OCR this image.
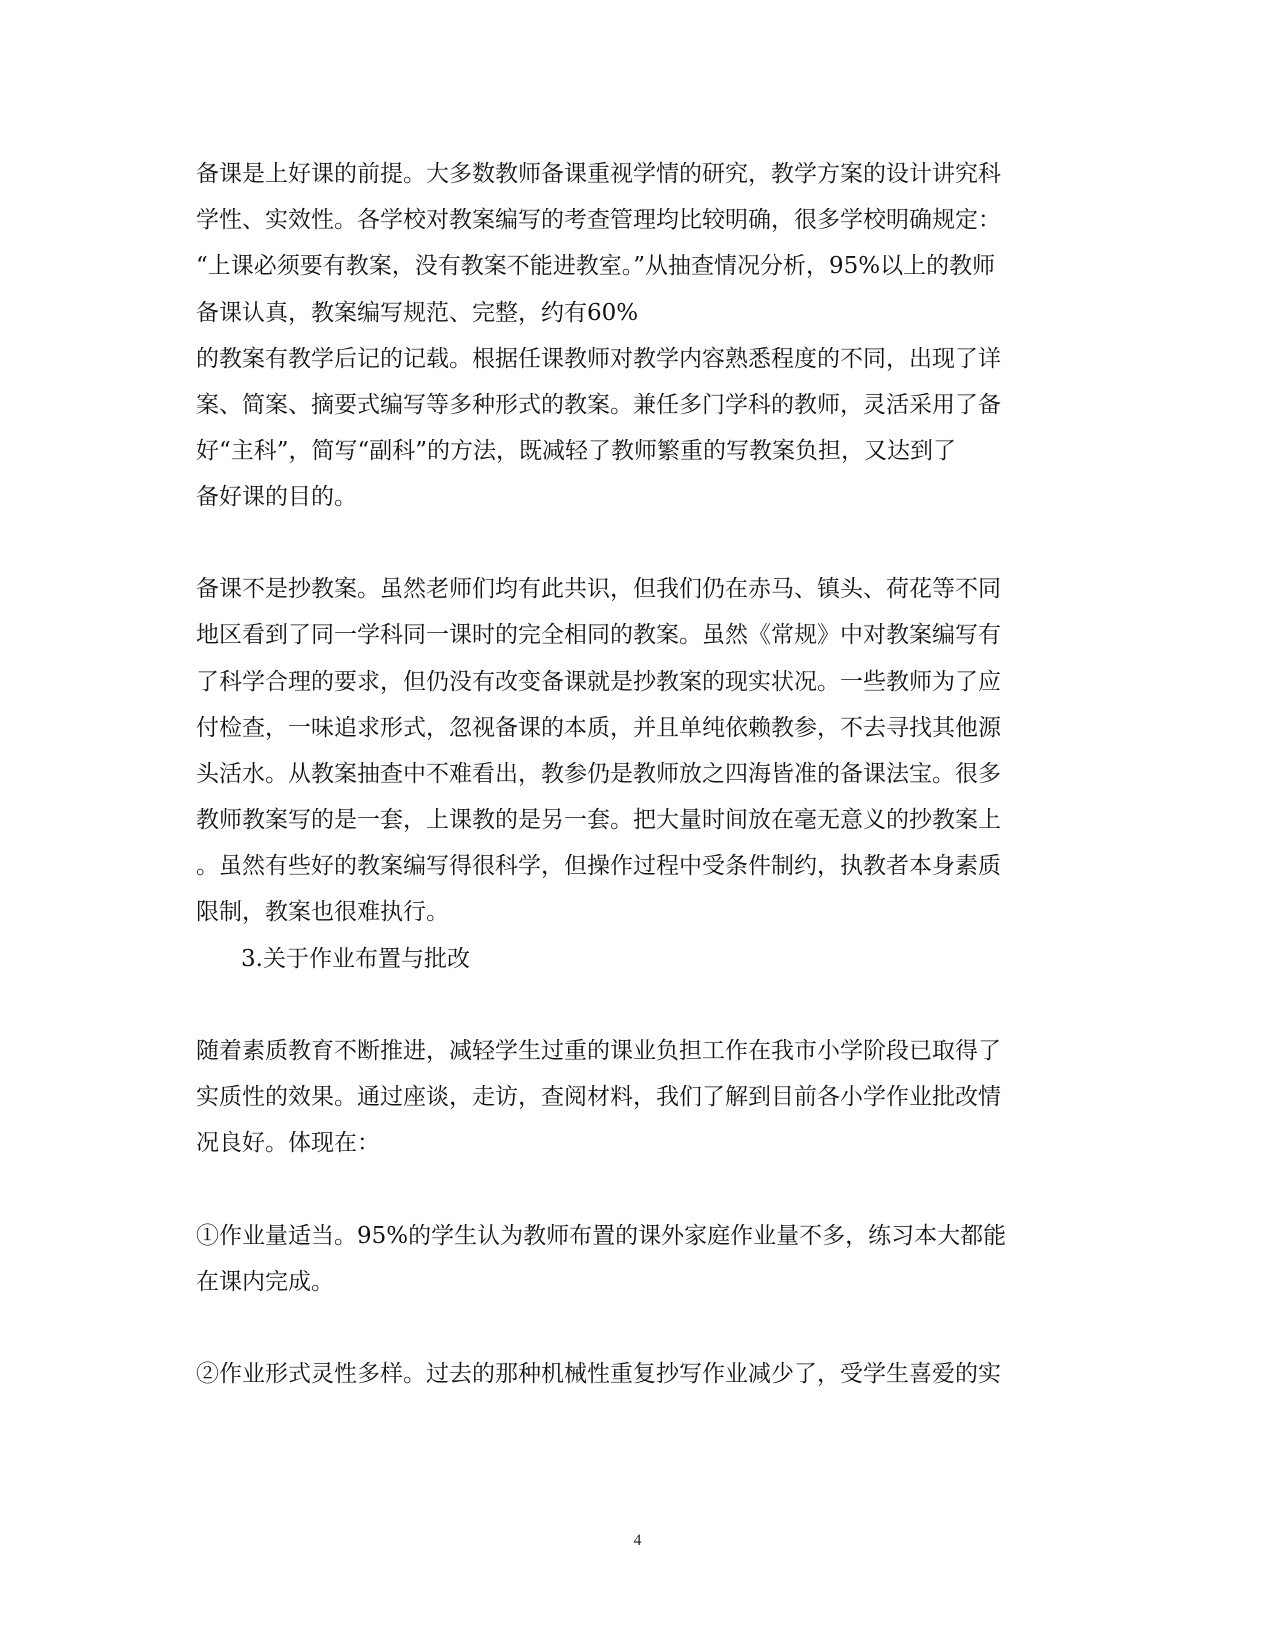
备课是上好课的前提。大多数教师备课重视学情的研究，教学方案的设计讲究科
学性、实效性。各学校对教案编写的考查管理均比较明确，很多学校明确规定：
“上课必须要有教案，没有教案不能进教室。”从抽查情况分析，95%以上的教师
备课认真，教案编写规范、完整，约有60%
的教案有教学后记的记载。根据任课教师对教学内容熟悉程度的不同，出现了详
案、简案、摘要式编写等多种形式的教案。兼任多门学科的教师，灵活采用了备
好“主科”，简写“副科”的方法，既减轻了教师繁重的写教案负担，又达到了
备好课的目的。
备课不是抄教案。虽然老师们均有此共识，但我们仍在赤马、镇头、荷花等不同
地区看到了同一学科同一课时的完全相同的教案。虽然《常规》中对教案编写有
了科学合理的要求，但仍没有改变备课就是抄教案的现实状况。一些教师为了应
付检查，一味追求形式，忽视备课的本质，并且单纯依赖教参，不去寻找其他源
头活水。从教案抽查中不难看出，教参仍是教师放之四海皆准的备课法宝。很多
教师教案写的是一套，上课教的是另一套。把大量时间放在毫无意义的抄教案上
。虽然有些好的教案编写得很科学，但操作过程中受条件制约，执教者本身素质
限制，教案也很难执行。
3.关于作业布置与批改
随着素质教育不断推进，减轻学生过重的课业负担工作在我市小学阶段已取得了
实质性的效果。通过座谈，走访，查阅材料，我们了解到目前各小学作业批改情
况良好。体现在：
①作业量适当。95%的学生认为教师布置的课外家庭作业量不多，练习本大都能
在课内完成。
②作业形式灵性多样。过去的那种机械性重复抄写作业减少了，受学生喜爱的实
4
